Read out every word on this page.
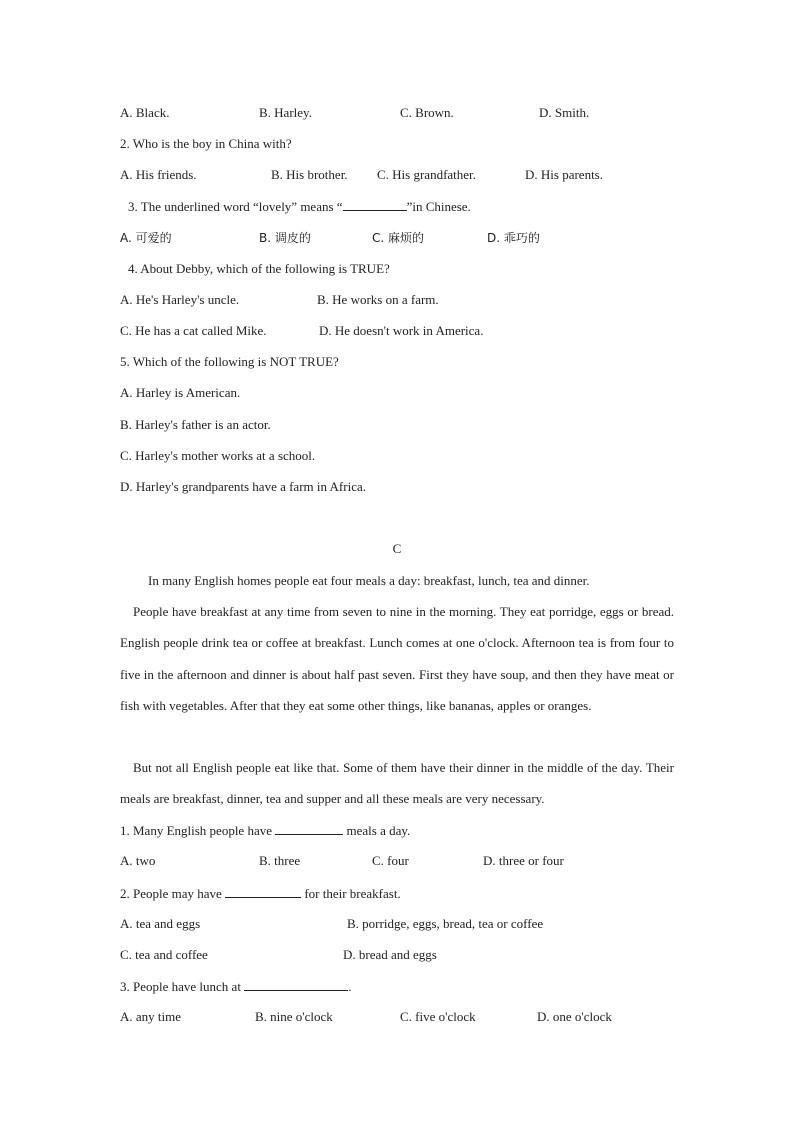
A. Black.	B. Harley.	C. Brown.	D. Smith.
2. Who is the boy in China with?
A. His friends.	B. His brother. C. His grandfather.	D. His parents.
3. The underlined word “lovely” means “	”in Chinese.
A. 可爱的	B. 调皮的	C. 麻烦的	D. 乖巧的
4. About Debby, which of the following is TRUE?
A. He's Harley's uncle.	B. He works on a farm.
C. He has a cat called Mike.	D. He doesn't work in America.
5. Which of the following is NOT TRUE?
A. Harley is American.
B. Harley's father is an actor.
C. Harley's mother works at a school.
D. Harley's grandparents have a farm in Africa.
C
In many English homes people eat four meals a day: breakfast, lunch, tea and dinner.
People have breakfast at any time from seven to nine in the morning. They eat porridge, eggs or bread. English people drink tea or coffee at breakfast. Lunch comes at one o'clock. Afternoon tea is from four to five in the afternoon and dinner is about half past seven. First they have soup, and then they have meat or fish with vegetables. After that they eat some other things, like bananas, apples or oranges.
But not all English people eat like that. Some of them have their dinner in the middle of the day. Their meals are breakfast, dinner, tea and supper and all these meals are very necessary.
1. Many English people have	meals a day.
A. two	B. three	C. four	D. three or four
2. People may have	for their breakfast.
A. tea and eggs	B. porridge, eggs, bread, tea or coffee
C. tea and coffee	D. bread and eggs
3. People have lunch at	.
A. any time	B. nine o'clock	C. five o'clock	D. one o'clock
